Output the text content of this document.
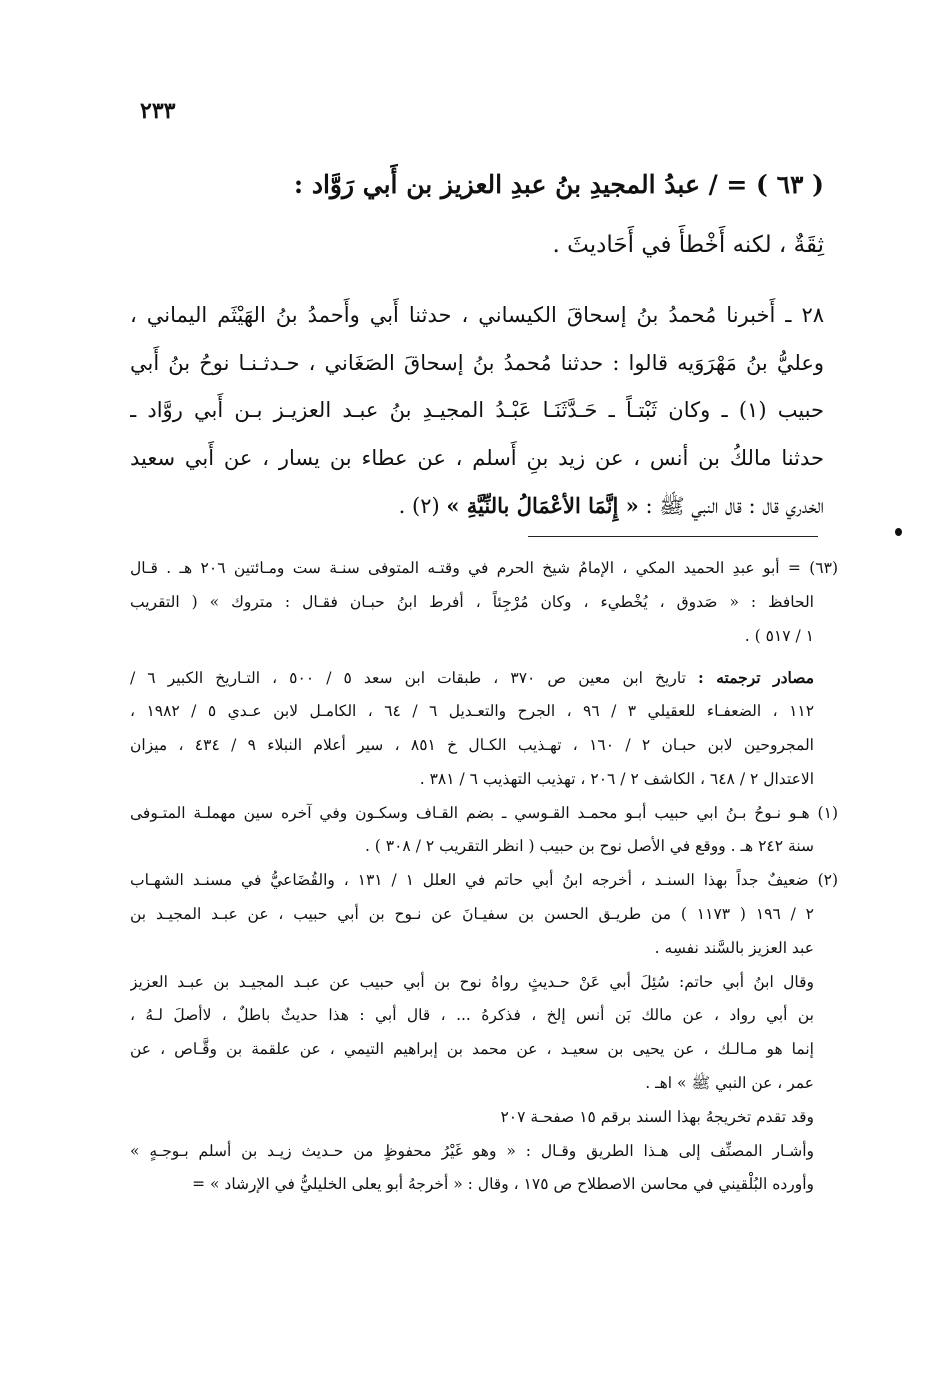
٢٣٣
( ٦٣ ) = / عبدُ المجيدِ بنُ عبدِ العزيز بن أَبي رَوَّاد :
ثِقَةٌ ، لكنه أَخْطأَ في أَحَاديثَ .
٢٨ ـ أَخبرنا مُحمدُ بنُ إسحاقَ الكيساني ، حدثنا أَبي وأَحمدُ بنُ الهَيْثَم اليماني ،
وعليُّ بنُ مَهْرَوَيه قالوا : حدثنا مُحمدُ بنُ إسحاقَ الصَغَاني ، حـدثـنـا نوحُ بنُ أَبي
حبيب (١) ـ وكان ثَبْتـاً ـ حَـدَّثَنَـا عَبْـدُ المجيـدِ بنُ عبـد العزيـز بـن أَبي روَّاد ـ
حدثنا مالكُ بن أنس ، عن زيد بنِ أَسلم ، عن عطاء بن يسار ، عن أَبي سعيد
الخدري قال : قال النبي ﷺ : « إِنَّمَا الأعْمَالُ بالنِّيَّةِ » (٢) .
(٦٣) = أبو عبدِ الحميد المكي ، الإمامُ شيخ الحرم في وقتـه المتوفى سنـة ست ومـائتين ٢٠٦ هـ . قـال
الحافظ : « صَدوق ، يُخْطيء ، وكان مُرْجِئاً ، أفرط ابنُ حبـان فقـال : متروك » ( التقريب
١ / ٥١٧ ) .
مصادر ترجمته : تاريخ ابن معين ص ٣٧٠ ، طبقات ابن سعد ٥ / ٥٠٠ ، التـاريخ الكبير ٦ /
١١٢ ، الضعفـاء للعقيلي ٣ / ٩٦ ، الجرح والتعـديل ٦ / ٦٤ ، الكامـل لابن عـدي ٥ / ١٩٨٢ ،
المجروحين لابن حبـان ٢ / ١٦٠ ، تهـذيب الكـال خ ٨٥١ ، سير أعلام النبلاء ٩ / ٤٣٤ ، ميزان
الاعتدال ٢ / ٦٤٨ ، الكاشف ٢ / ٢٠٦ ، تهذيب التهذيب ٦ / ٣٨١ .
(١) هـو نـوحُ بـنُ ابي حبيب أبـو محمـد القـوسي ـ بضم القـاف وسكـون وفي آخره سين مهملـة المتـوفى
سنة ٢٤٢ هـ . ووقع في الأصل نوح بن حبيب ( انظر التقريب ٢ / ٣٠٨ ) .
(٢) ضعيفٌ جداً بهذا السنـد ، أخرجه ابنُ أبي حاتم في العلل ١ / ١٣١ ، والقُضَاعيُّ في مسنـد الشهـاب
٢ / ١٩٦ ( ١١٧٣ ) من طريـق الحسن بن سفيـانَ عن نـوح بن أبي حبيب ، عن عبـد المجيـد بن
عبد العزيز بالسَّند نفسِه .
وقال ابنُ أبي حاتم: سُئِلَ أبي عَنْ حـديثٍ رواهُ نوح بن أبي حبيب عن عبـد المجيـد بن عبـد العزيز
بن أبي رواد ، عن مالك بَن أنس إلخ ، فذكرهُ ... ، قال أبي : هذا حديثٌ باطلٌ ، لاأصلَ لـهُ ،
إنما هو مـالـك ، عن يحيى بن سعيـد ، عن محمد بن إبراهيم التيمي ، عن علقمة بن وقَّـاص ، عن
عمر ، عن النبي ﷺ » اهـ .
وقد تقدم تخريجهُ بهذا السند برقم ١٥ صفحـة ٢٠٧
وأشـار المصنِّف إلى هـذا الطريق وقـال : « وهو غَيْرُ محفوظٍ من حـديث زيـد بن أسلم بـوجـهٍ »
وأورده البُلْقيني في محاسن الاصطلاح ص ١٧٥ ، وقال : « أخرجهُ أبو يعلى الخليليُّ في الإرشاد » =
